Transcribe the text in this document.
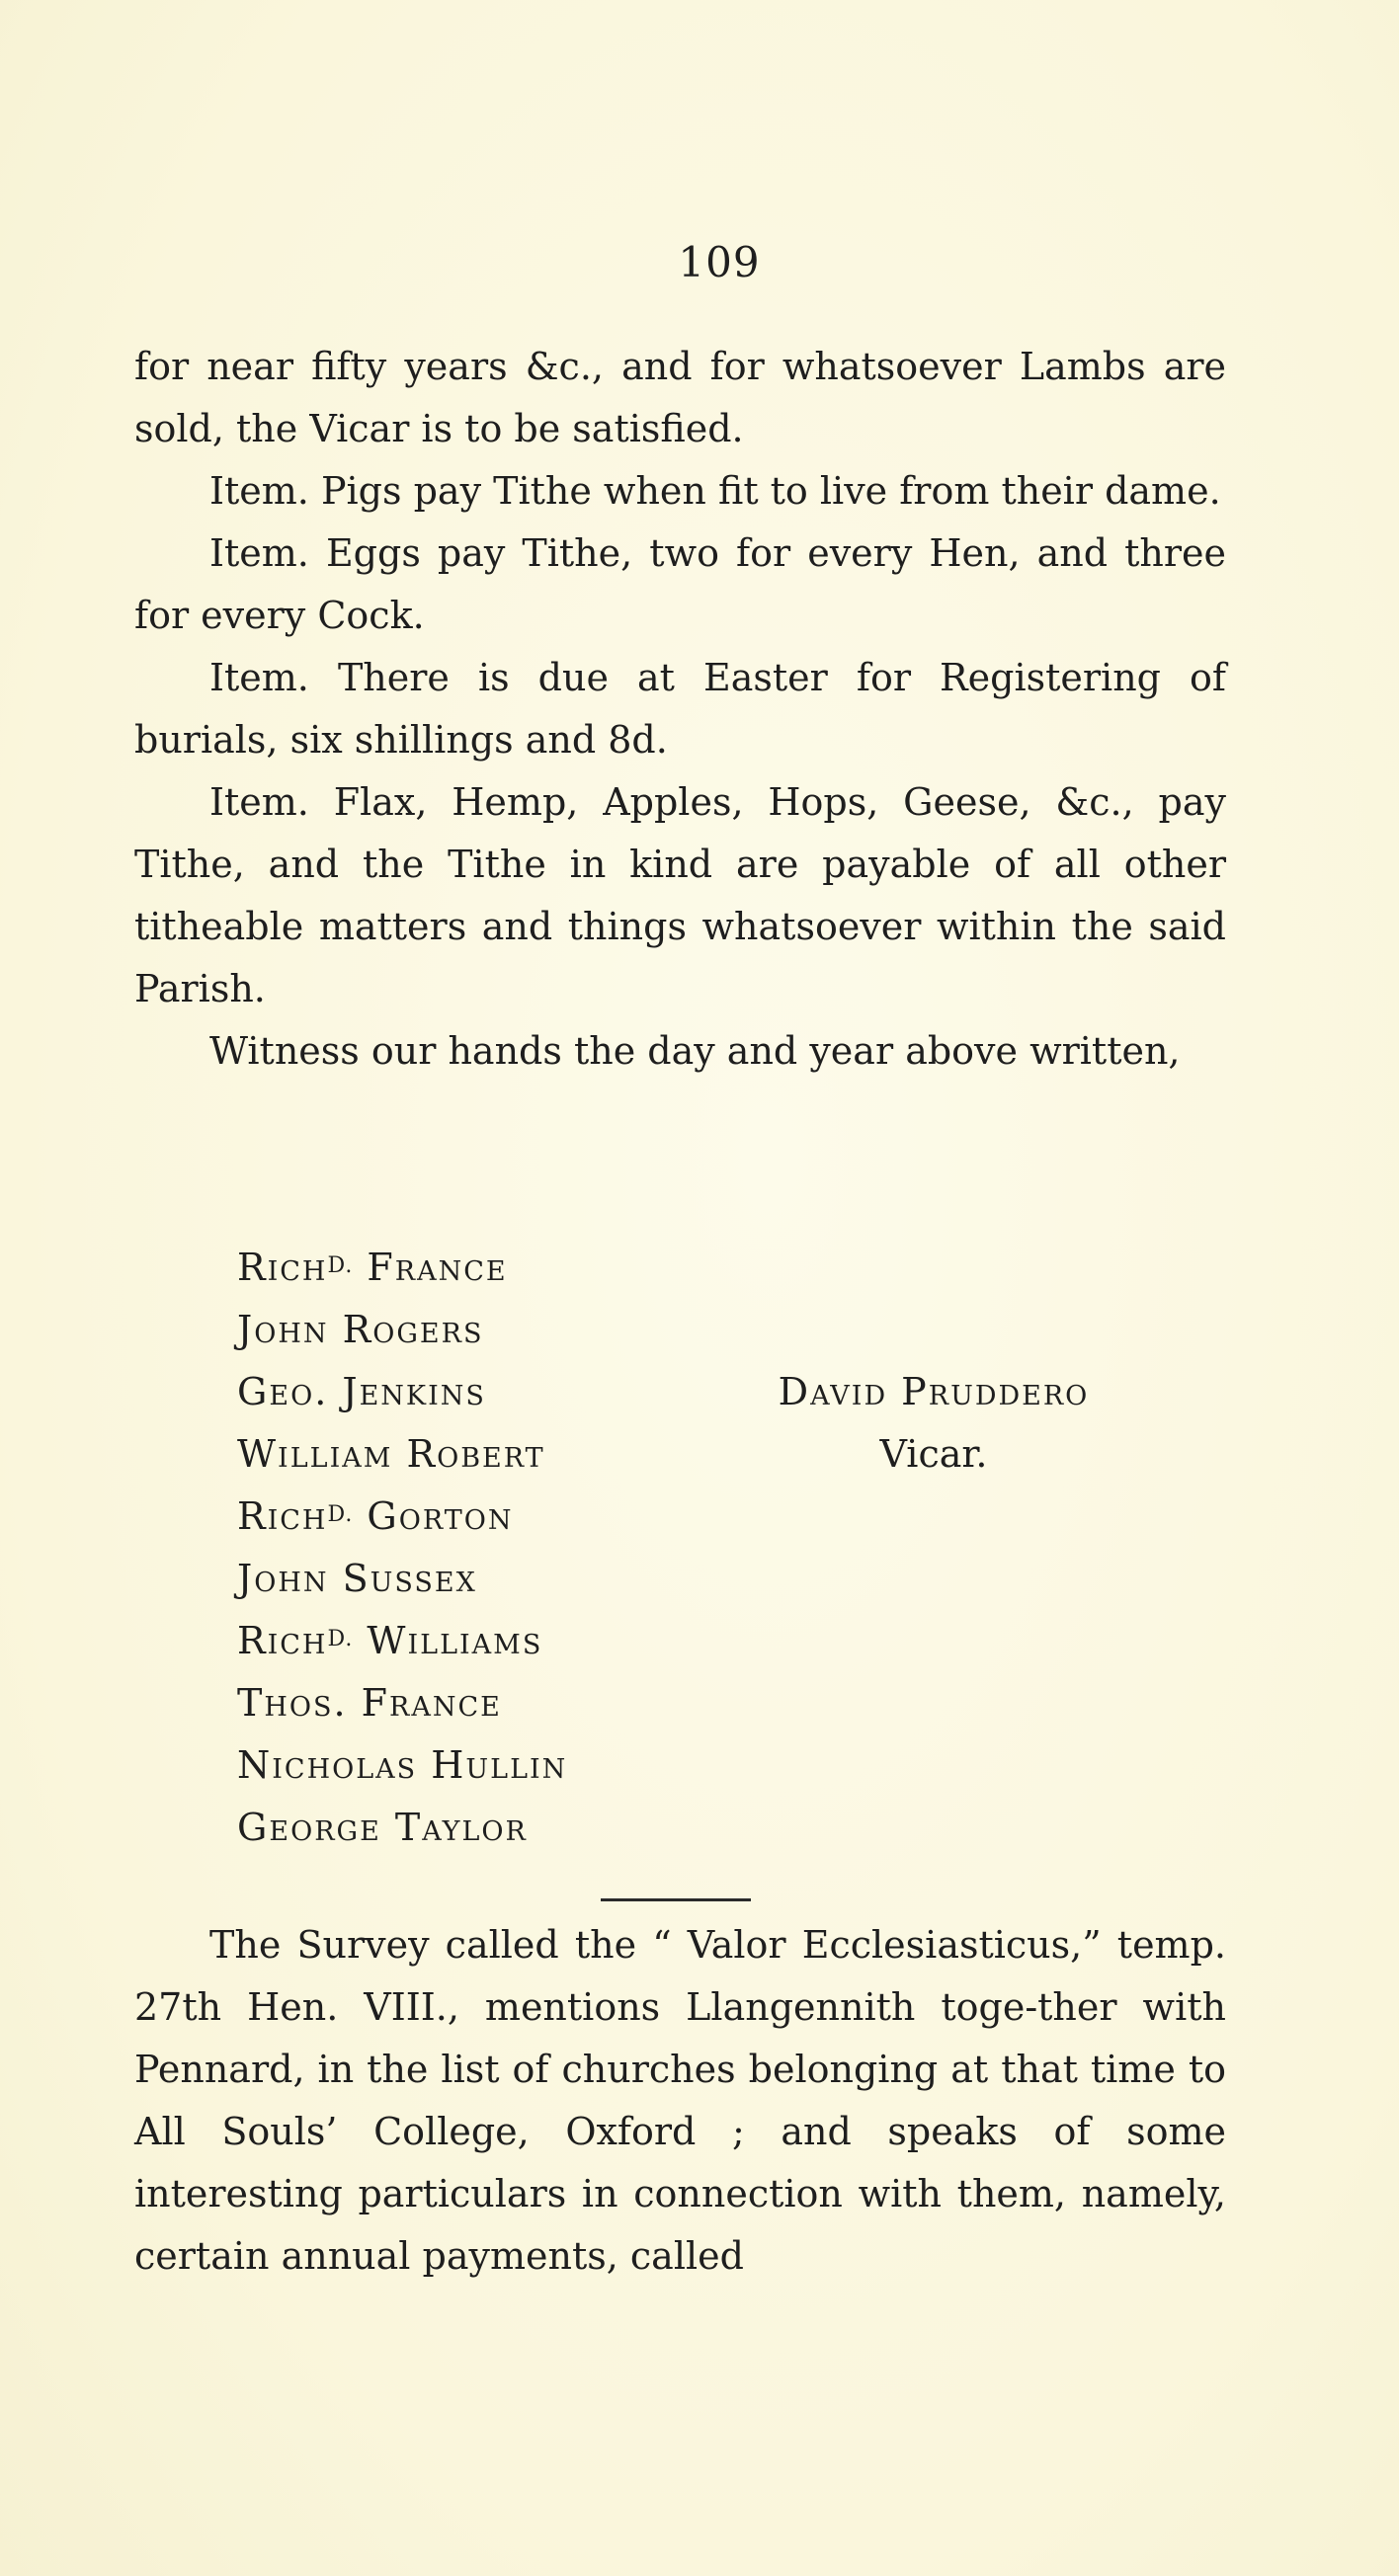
109

for near fifty years &c., and for whatsoever Lambs are sold, the Vicar is to be satisfied.

Item. Pigs pay Tithe when fit to live from their dame.

Item. Eggs pay Tithe, two for every Hen, and three for every Cock.

Item. There is due at Easter for Registering of burials, six shillings and 8d.

Item. Flax, Hemp, Apples, Hops, Geese, &c., pay Tithe, and the Tithe in kind are payable of all other titheable matters and things whatsoever within the said Parish.

Witness our hands the day and year above written,

Rich$^{D.}$ France
John Rogers
Geo. Jenkins
William Robert
Rich$^{D.}$ Gorton
John Sussex
Rich$^{D.}$ Williams
Thos. France
Nicholas Hullin
George Taylor
David Pruddero
Vicar.

The Survey called the “ Valor Ecclesiasticus,” temp. 27th Hen. VIII., mentions Llangennith toge-ther with Pennard, in the list of churches belonging at that time to All Souls’ College, Oxford ; and speaks of some interesting particulars in connection with them, namely, certain annual payments, called
